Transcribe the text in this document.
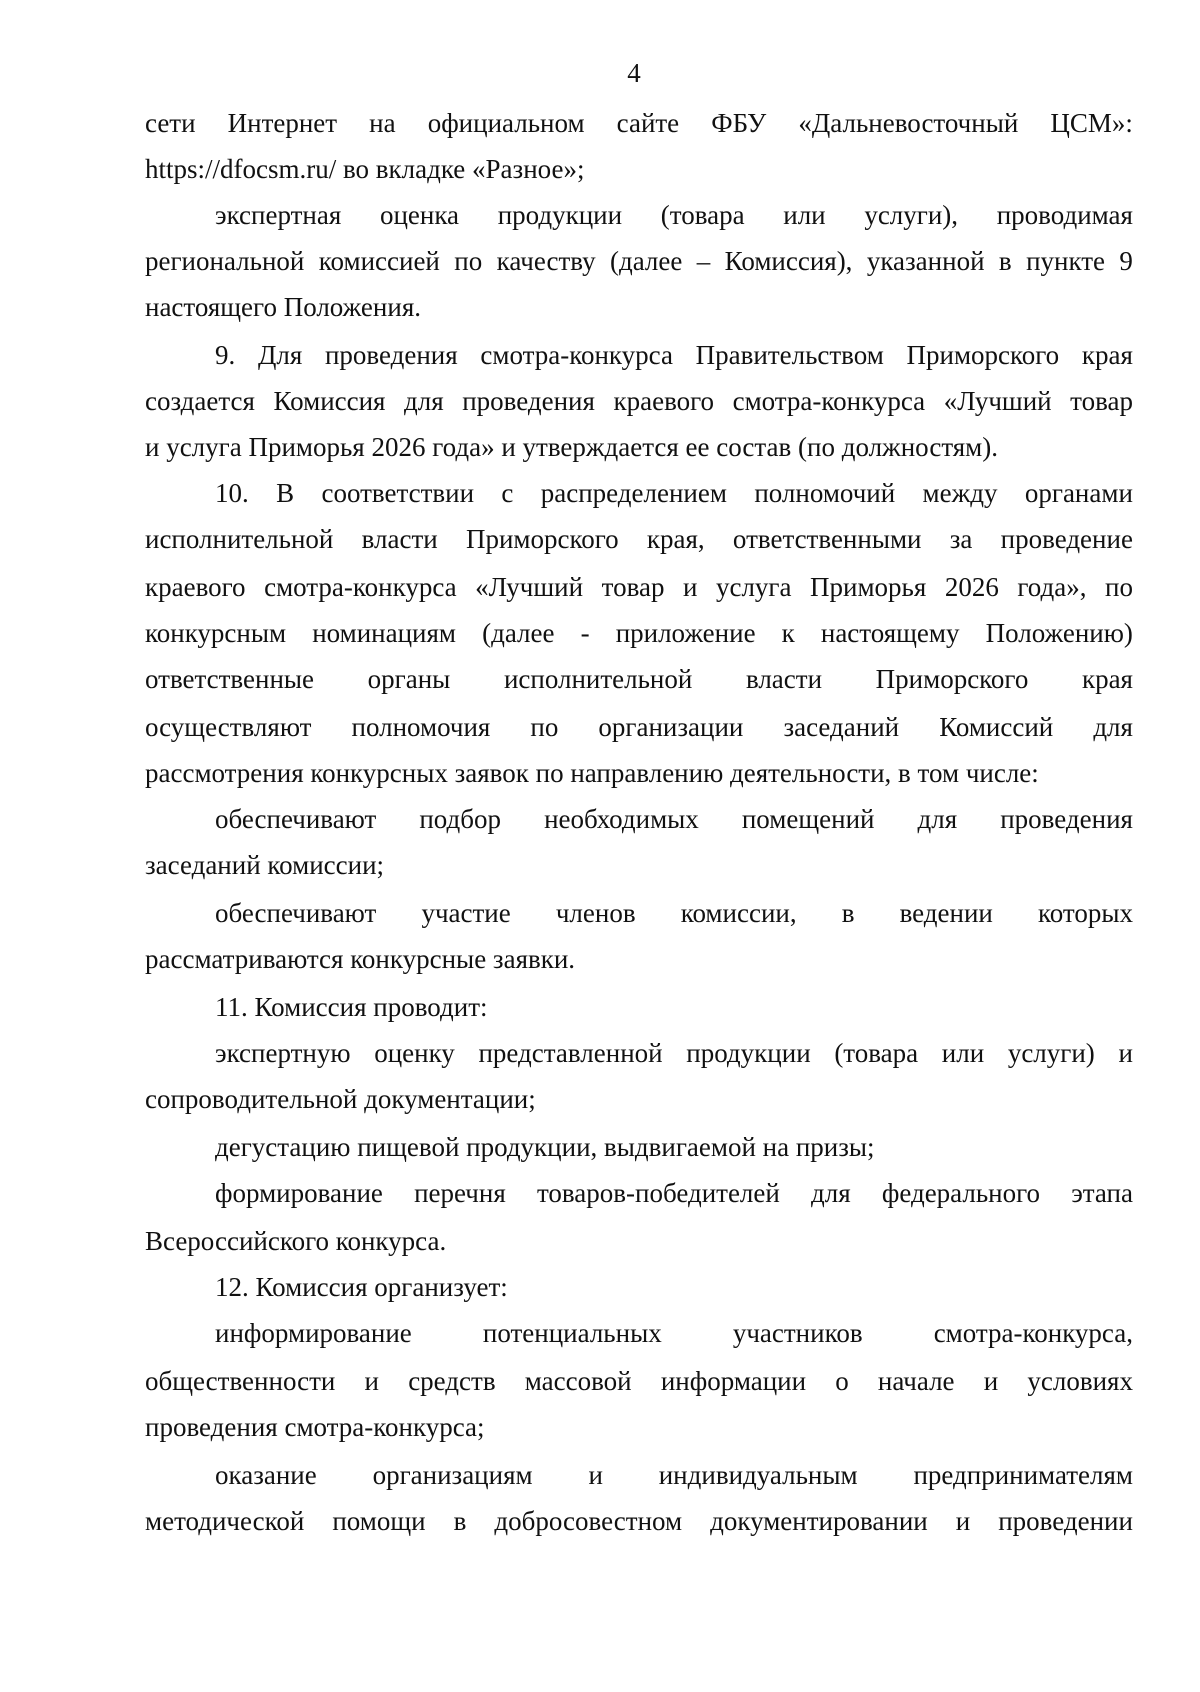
4
сети Интернет на официальном сайте ФБУ «Дальневосточный ЦСМ»:
https://dfocsm.ru/ во вкладке «Разное»;
экспертная оценка продукции (товара или услуги), проводимая
региональной комиссией по качеству (далее – Комиссия), указанной в пункте 9
настоящего Положения.
9. Для проведения смотра-конкурса Правительством Приморского края
создается Комиссия для проведения краевого смотра-конкурса «Лучший товар
и услуга Приморья 2026 года» и утверждается ее состав (по должностям).
10. В соответствии с распределением полномочий между органами
исполнительной власти Приморского края, ответственными за проведение
краевого смотра-конкурса «Лучший товар и услуга Приморья 2026 года», по
конкурсным номинациям (далее - приложение к настоящему Положению)
ответственные органы исполнительной власти Приморского края
осуществляют полномочия по организации заседаний Комиссий для
рассмотрения конкурсных заявок по направлению деятельности, в том числе:
обеспечивают подбор необходимых помещений для проведения
заседаний комиссии;
обеспечивают участие членов комиссии, в ведении которых
рассматриваются конкурсные заявки.
11. Комиссия проводит:
экспертную оценку представленной продукции (товара или услуги) и
сопроводительной документации;
дегустацию пищевой продукции, выдвигаемой на призы;
формирование перечня товаров-победителей для федерального этапа
Всероссийского конкурса.
12. Комиссия организует:
информирование	потенциальных	участников	смотра-конкурса,
общественности и средств массовой информации о начале и условиях
проведения смотра-конкурса;
оказание организациям и индивидуальным предпринимателям
методической помощи в добросовестном документировании и проведении
